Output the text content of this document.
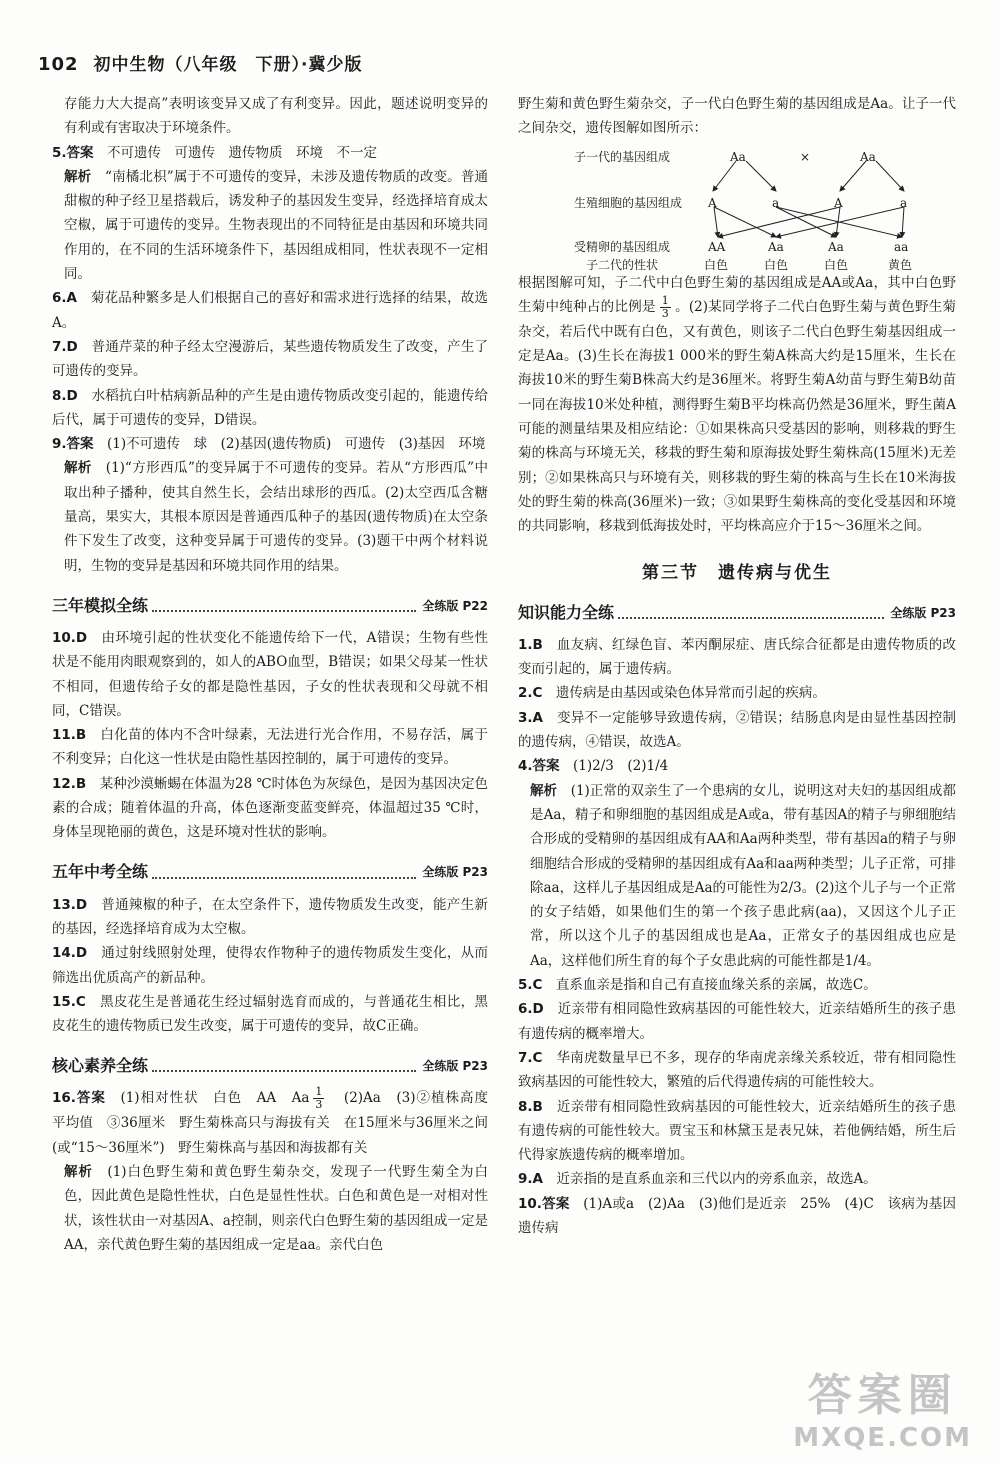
102 初中生物（八年级　下册）·冀少版

存能力大大提高”表明该变异又成了有利变异。因此，题述说明变异的有利或有害取决于环境条件。

5.答案　不可遗传　可遗传　遗传物质　环境　不一定

解析　 “南橘北枳”属于不可遗传的变异，未涉及遗传物质的改变。普通甜椒的种子经卫星搭载后，诱发种子的基因发生变异，经选择培育成太空椒，属于可遗传的变异。生物表现出的不同特征是由基因和环境共同作用的，在不同的生活环境条件下，基因组成相同，性状表现不一定相同。

6.A　菊花品种繁多是人们根据自己的喜好和需求进行选择的结果，故选A。

7.D　普通芹菜的种子经太空漫游后，某些遗传物质发生了改变，产生了可遗传的变异。

8.D　水稻抗白叶枯病新品种的产生是由遗传物质改变引起的，能遗传给后代，属于可遗传的变异，D错误。

9.答案　(1)不可遗传　球　(2)基因(遗传物质)　可遗传　(3)基因　环境

解析　 (1)“方形西瓜”的变异属于不可遗传的变异。若从“方形西瓜”中取出种子播种，使其自然生长，会结出球形的西瓜。(2)太空西瓜含糖量高，果实大，其根本原因是普通西瓜种子的基因(遗传物质)在太空条件下发生了改变，这种变异属于可遗传的变异。(3)题干中两个材料说明，生物的变异是基因和环境共同作用的结果。

三年模拟全练	全练版 P22

10.D　由环境引起的性状变化不能遗传给下一代，A错误；生物有些性状是不能用肉眼观察到的，如人的ABO血型，B错误；如果父母某一性状不相同，但遗传给子女的都是隐性基因，子女的性状表现和父母就不相同，C错误。

11.B　白化苗的体内不含叶绿素，无法进行光合作用，不易存活，属于不利变异；白化这一性状是由隐性基因控制的，属于可遗传的变异。

12.B　某种沙漠蜥蜴在体温为28 ℃时体色为灰绿色，是因为基因决定色素的合成；随着体温的升高，体色逐渐变蓝变鲜亮，体温超过35 ℃时，身体呈现艳丽的黄色，这是环境对性状的影响。

五年中考全练	全练版 P23

13.D　普通辣椒的种子，在太空条件下，遗传物质发生改变，能产生新的基因，经选择培育成为太空椒。

14.D　通过射线照射处理，使得农作物种子的遗传物质发生变化，从而筛选出优质高产的新品种。

15.C　黑皮花生是普通花生经过辐射选育而成的，与普通花生相比，黑皮花生的遗传物质已发生改变，属于可遗传的变异，故C正确。

核心素养全练	全练版 P23

16.答案　(1)相对性状　白色　AA　Aa $\frac{1}{3}$ 　(2)Aa　(3)②植株高度　平均值　③36厘米　野生菊株高只与海拔有关　在15厘米与36厘米之间(或“15～36厘米”)　野生菊株高与基因和海拔都有关

解析　 (1)白色野生菊和黄色野生菊杂交，发现子一代野生菊全为白色，因此黄色是隐性性状，白色是显性性状。白色和黄色是一对相对性状，该性状由一对基因A、a控制，则亲代白色野生菊的基因组成一定是AA，亲代黄色野生菊的基因组成一定是aa。亲代白色

野生菊和黄色野生菊杂交，子一代白色野生菊的基因组成是Aa。让子一代之间杂交，遗传图解如图所示：

子一代的基因组成	Aa	×	Aa
生殖细胞的基因组成 A	a	A	a
受精卵的基因组成	AA	Aa	Aa	aa
子二代的性状	白色	白色	白色	黄色

根据图解可知，子二代中白色野生菊的基因组成是AA或Aa，其中白色野生菊中纯种占的比例是 $\frac{1}{3}$ 。(2)某同学将子二代白色野生菊与黄色野生菊杂交，若后代中既有白色，又有黄色，则该子二代白色野生菊基因组成一定是Aa。(3)生长在海拔1 000米的野生菊A株高大约是15厘米，生长在海拔10米的野生菊B株高大约是36厘米。将野生菊A幼苗与野生菊B幼苗一同在海拔10米处种植，测得野生菊B平均株高仍然是36厘米，野生菌A可能的测量结果及相应结论：①如果株高只受基因的影响，则移栽的野生菊的株高与环境无关，移栽的野生菊和原海拔处野生菊株高(15厘米)无差别；②如果株高只与环境有关，则移栽的野生菊的株高与生长在10米海拔处的野生菊的株高(36厘米)一致；③如果野生菊株高的变化受基因和环境的共同影响，移栽到低海拔处时，平均株高应介于15～36厘米之间。

第三节　遗传病与优生
知识能力全练	全练版 P23

1.B　血友病、红绿色盲、苯丙酮尿症、唐氏综合征都是由遗传物质的改变而引起的，属于遗传病。

2.C　遗传病是由基因或染色体异常而引起的疾病。

3.A　变异不一定能够导致遗传病，②错误；结肠息肉是由显性基因控制的遗传病，④错误，故选A。

4.答案　(1)2/3　(2)1/4

解析　 (1)正常的双亲生了一个患病的女儿，说明这对夫妇的基因组成都是Aa，精子和卵细胞的基因组成是A或a，带有基因A的精子与卵细胞结合形成的受精卵的基因组成有AA和Aa两种类型，带有基因a的精子与卵细胞结合形成的受精卵的基因组成有Aa和aa两种类型；儿子正常，可排除aa，这样儿子基因组成是Aa的可能性为2/3。(2)这个儿子与一个正常的女子结婚，如果他们生的第一个孩子患此病(aa)，又因这个儿子正常，所以这个儿子的基因组成也是Aa，正常女子的基因组成也应是Aa，这样他们所生育的每个子女患此病的可能性都是1/4。

5.C　直系血亲是指和自己有直接血缘关系的亲属，故选C。

6.D　近亲带有相同隐性致病基因的可能性较大，近亲结婚所生的孩子患有遗传病的概率增大。

7.C　华南虎数量早已不多，现存的华南虎亲缘关系较近，带有相同隐性致病基因的可能性较大，繁殖的后代得遗传病的可能性较大。

8.B　近亲带有相同隐性致病基因的可能性较大，近亲结婚所生的孩子患有遗传病的可能性较大。贾宝玉和林黛玉是表兄妹，若他俩结婚，所生后代得家族遗传病的概率增加。

9.A　近亲指的是直系血亲和三代以内的旁系血亲，故选A。

10.答案　(1)A或a　(2)Aa　(3)他们是近亲　25%　(4)C　该病为基因遗传病

答案圈
MXQE.COM
